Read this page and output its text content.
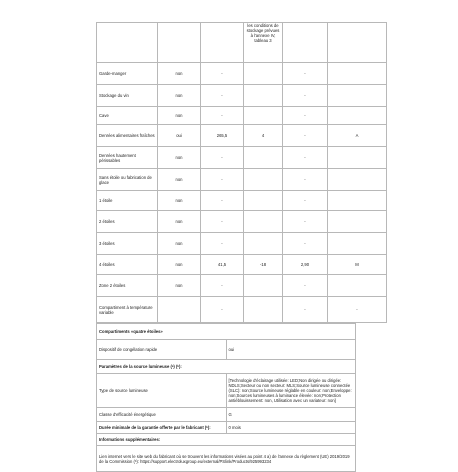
			les conditions de stockage prévues à l'annexe IV, tableau 3		
Garde-manger	non	-		-	
Stockage du vin	non	-		-	
Cave	non	-		-	
Denrées alimentaires fraîches	oui	265,5	4	-	A
Denrées hautement périssables	non	-		-	
Sans étoile ou fabrication de glace	non	-		-	
1 étoile	non	-		-	
2 étoiles	non	-		-	
3 étoiles	non	-		-	
4 étoiles	non	41,5	-18	2,90	M
Zone 2 étoiles	non	-		-	
Compartiment à température variable		-		-	-
Compartiments «quatre étoiles»	
Dispositif de congélation rapide	oui
Paramètres de la source lumineuse (ᵃ) (ᵇ):	
Type de source lumineuse	[Technologie d'éclairage utilisée: LED;Non dirigée ou dirigée: NDLS;Secteur ou non secteur: MLS;Source lumineuse connectée (SLC): non;Source lumineuse réglable en couleur: non;Enveloppe: non;Sources lumineuses à luminance élevée: non;Protection antiéblouissement: non, Utilisation avec un variateur: non]
Classe d'efficacité énergétique	G
Durée minimale de la garantie offerte par le fabricant (ᵇ):	0 mois
Informations supplémentaires:	
Lien internet vers le site web du fabricant où se trouvent les informations visées au point 4 a) de l'annexe du règlement (UE) 2019/2019 de la Commission (ᵇ): https://support.electroluxgroup.eu/external/PSlink/Products/925993234	
